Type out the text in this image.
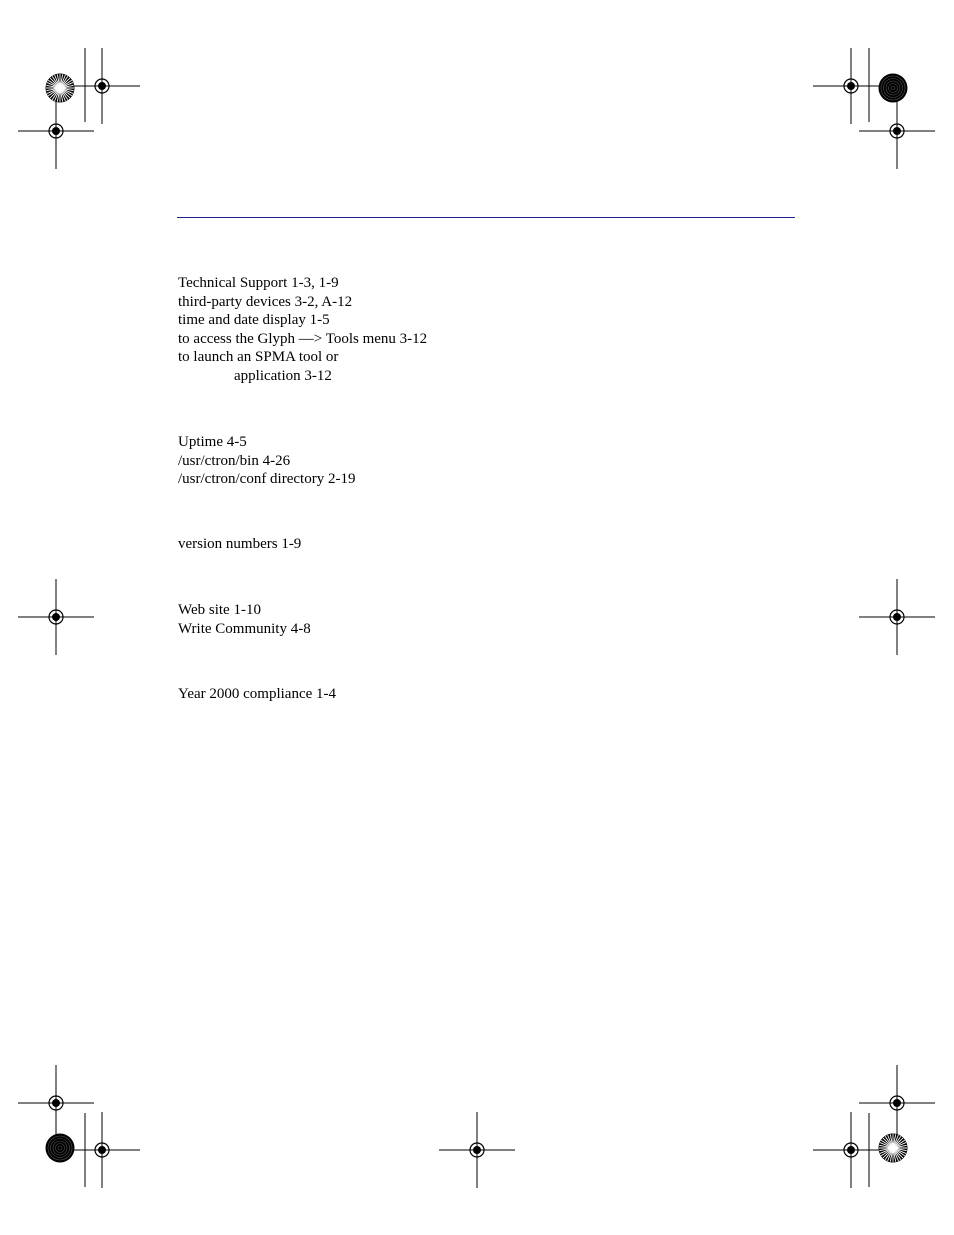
Technical Support 1-3, 1-9
third-party devices 3-2, A-12
time and date display 1-5
to access the Glyph —> Tools menu 3-12
to launch an SPMA tool or
application 3-12
Uptime 4-5
/usr/ctron/bin 4-26
/usr/ctron/conf directory 2-19
version numbers 1-9
Web site 1-10
Write Community 4-8
Year 2000 compliance 1-4
